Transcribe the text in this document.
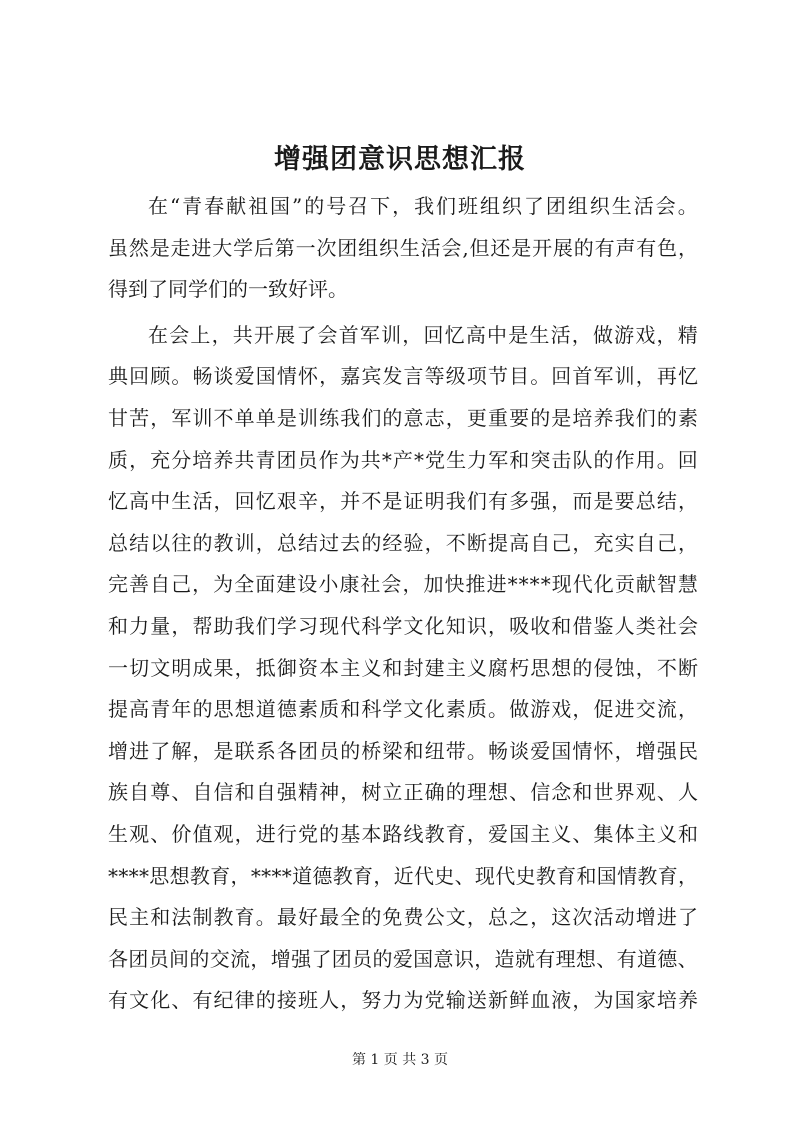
增强团意识思想汇报
在 “ 青 春 献 祖 国 ” 的 号 召 下 ， 我 们 班 组 织 了 团 组 织 生 活 会 。
虽 然 是 走 进 大 学 后 第 一 次 团 组 织 生 活 会 , 但 还 是 开 展 的 有 声 有 色 ，
得到了同学们的一致好评。
在 会 上 ， 共 开 展 了 会 首 军 训 ， 回 忆 高 中 是 生 活 ， 做 游 戏 ， 精
典 回 顾 。 畅 谈 爱 国 情 怀 ， 嘉 宾 发 言 等 级 项 节 目 。 回 首 军 训 ， 再 忆
甘 苦 ， 军 训 不 单 单 是 训 练 我 们 的 意 志 ， 更 重 要 的 是 培 养 我 们 的 素
质 ， 充 分 培 养 共 青 团 员 作 为 共 * 产 * 党 生 力 军 和 突 击 队 的 作 用 。 回
忆 高 中 生 活 ， 回 忆 艰 辛 ， 并 不 是 证 明 我 们 有 多 强 ， 而 是 要 总 结 ，
总 结 以 往 的 教 训 ， 总 结 过 去 的 经 验 ， 不 断 提 高 自 己 ， 充 实 自 己 ，
完 善 自 己 ， 为 全 面 建 设 小 康 社 会 ， 加 快 推 进 * * * * 现 代 化 贡 献 智 慧
和 力 量 ， 帮 助 我 们 学 习 现 代 科 学 文 化 知 识 ， 吸 收 和 借 鉴 人 类 社 会
一 切 文 明 成 果 ， 抵 御 资 本 主 义 和 封 建 主 义 腐 朽 思 想 的 侵 蚀 ， 不 断
提 高 青 年 的 思 想 道 德 素 质 和 科 学 文 化 素 质 。 做 游 戏 ， 促 进 交 流 ，
增 进 了 解 ， 是 联 系 各 团 员 的 桥 梁 和 纽 带 。 畅 谈 爱 国 情 怀 ， 增 强 民
族 自 尊 、 自 信 和 自 强 精 神 ， 树 立 正 确 的 理 想 、 信 念 和 世 界 观 、 人
生 观 、 价 值 观 ， 进 行 党 的 基 本 路 线 教 育 ， 爱 国 主 义 、 集 体 主 义 和
* * * * 思 想 教 育 ， * * * * 道 德 教 育 ， 近 代 史 、 现 代 史 教 育 和 国 情 教 育 ，
民 主 和 法 制 教 育 。 最 好 最 全 的 免 费 公 文 ， 总 之 ， 这 次 活 动 增 进 了
各 团 员 间 的 交 流 ， 增 强 了 团 员 的 爱 国 意 识 ， 造 就 有 理 想 、 有 道 德 、
有 文 化 、 有 纪 律 的 接 班 人 ， 努 力 为 党 输 送 新 鲜 血 液 ， 为 国 家 培 养
第 1 页 共 3 页
